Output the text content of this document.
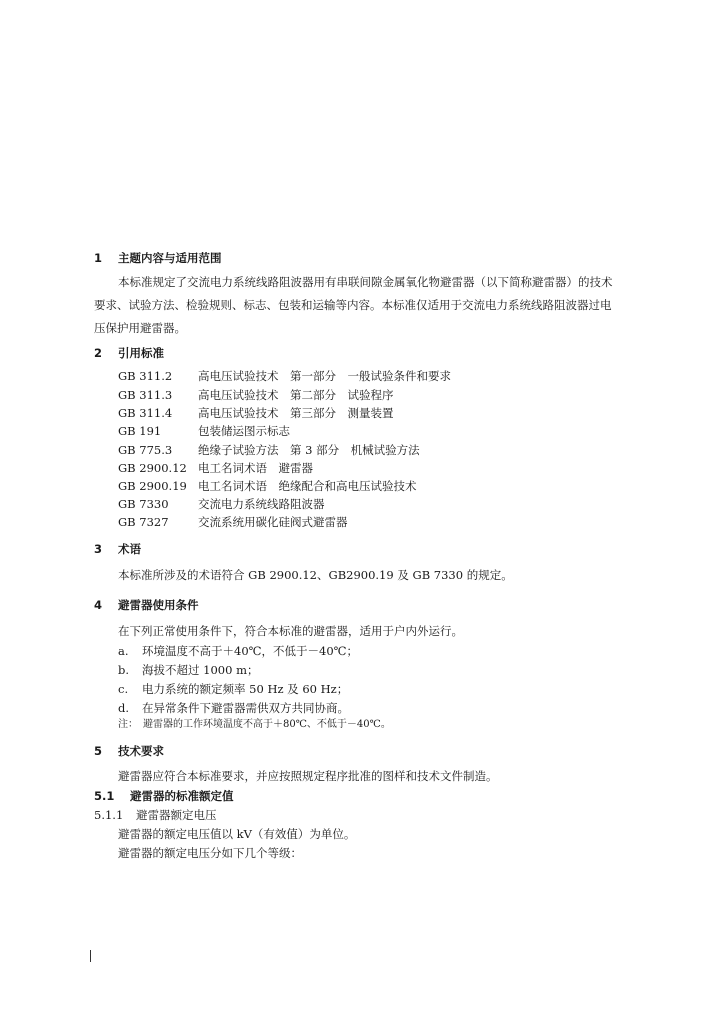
1 主题内容与适用范围
本标准规定了交流电力系统线路阻波器用有串联间隙金属氧化物避雷器（以下简称避雷器）的技术
要求、试验方法、检验规则、标志、包装和运输等内容。本标准仅适用于交流电力系统线路阻波器过电
压保护用避雷器。
2 引用标准
GB 311.2 高电压试验技术　第一部分　一般试验条件和要求
GB 311.3 高电压试验技术　第二部分　试验程序
GB 311.4 高电压试验技术　第三部分　测量装置
GB 191	包装储运图示标志
GB 775.3 绝缘子试验方法　第 3 部分　机械试验方法
GB 2900.12 电工名词术语　避雷器
GB 2900.19 电工名词术语　绝缘配合和高电压试验技术
GB 7330	交流电力系统线路阻波器
GB 7327	交流系统用碳化硅阀式避雷器
3 术语
本标准所涉及的术语符合 GB 2900.12、GB2900.19 及 GB 7330 的规定。
4 避雷器使用条件
在下列正常使用条件下，符合本标准的避雷器，适用于户内外运行。
a. 环境温度不高于＋40℃，不低于－40℃；
b. 海拔不超过 1000 m；
c. 电力系统的额定频率 50 Hz 及 60 Hz；
d. 在异常条件下避雷器需供双方共同协商。
注：　避雷器的工作环境温度不高于＋80℃、不低于－40℃。
5 技术要求
避雷器应符合本标准要求，并应按照规定程序批准的图样和技术文件制造。
5.1 避雷器的标准额定值
5.1.1 避雷器额定电压
避雷器的额定电压值以 kV（有效值）为单位。
避雷器的额定电压分如下几个等级：
